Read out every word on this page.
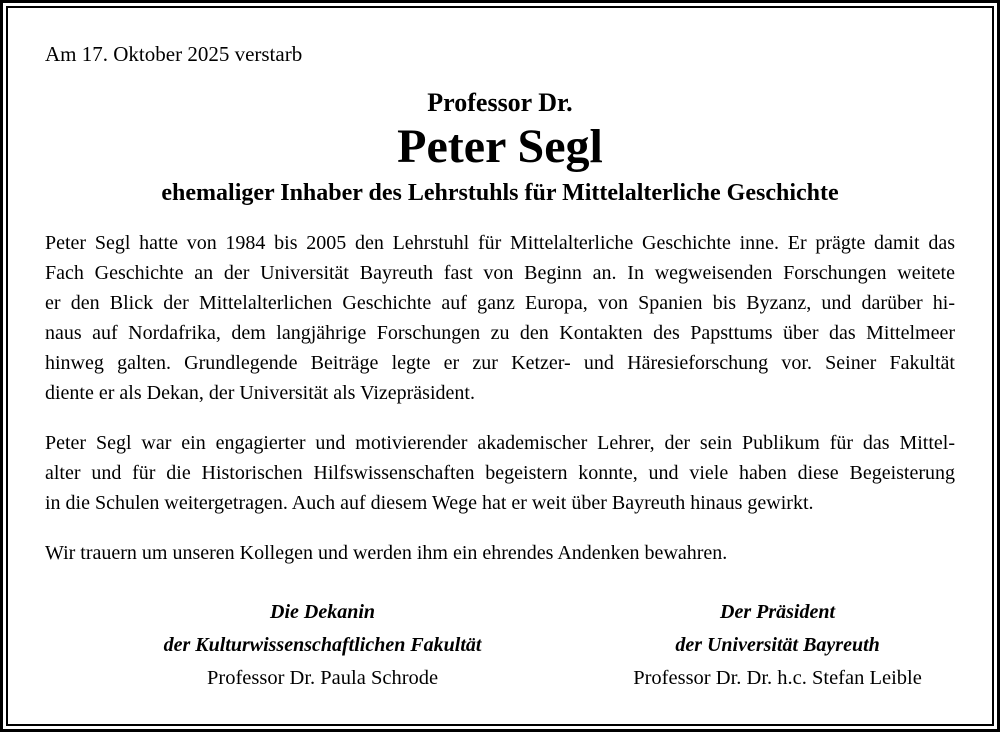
Am 17. Oktober 2025 verstarb

Professor Dr.
Peter Segl
ehemaliger Inhaber des Lehrstuhls für Mittelalterliche Geschichte
Peter Segl hatte von 1984 bis 2005 den Lehrstuhl für Mittelalterliche Geschichte inne. Er prägte damit das
Fach Geschichte an der Universität Bayreuth fast von Beginn an. In wegweisenden Forschungen weitete
er den Blick der Mittelalterlichen Geschichte auf ganz Europa, von Spanien bis Byzanz, und darüber hi-
naus auf Nordafrika, dem langjährige Forschungen zu den Kontakten des Papsttums über das Mittelmeer
hinweg galten. Grundlegende Beiträge legte er zur Ketzer- und Häresieforschung vor. Seiner Fakultät
diente er als Dekan, der Universität als Vizepräsident.
Peter Segl war ein engagierter und motivierender akademischer Lehrer, der sein Publikum für das Mittel-
alter und für die Historischen Hilfswissenschaften begeistern konnte, und viele haben diese Begeisterung
in die Schulen weitergetragen. Auch auf diesem Wege hat er weit über Bayreuth hinaus gewirkt.

Wir trauern um unseren Kollegen und werden ihm ein ehrendes Andenken bewahren.

Die Dekanin
der Kulturwissenschaftlichen Fakultät
Professor Dr. Paula Schrode
Der Präsident
der Universität Bayreuth
Professor Dr. Dr. h.c. Stefan Leible
